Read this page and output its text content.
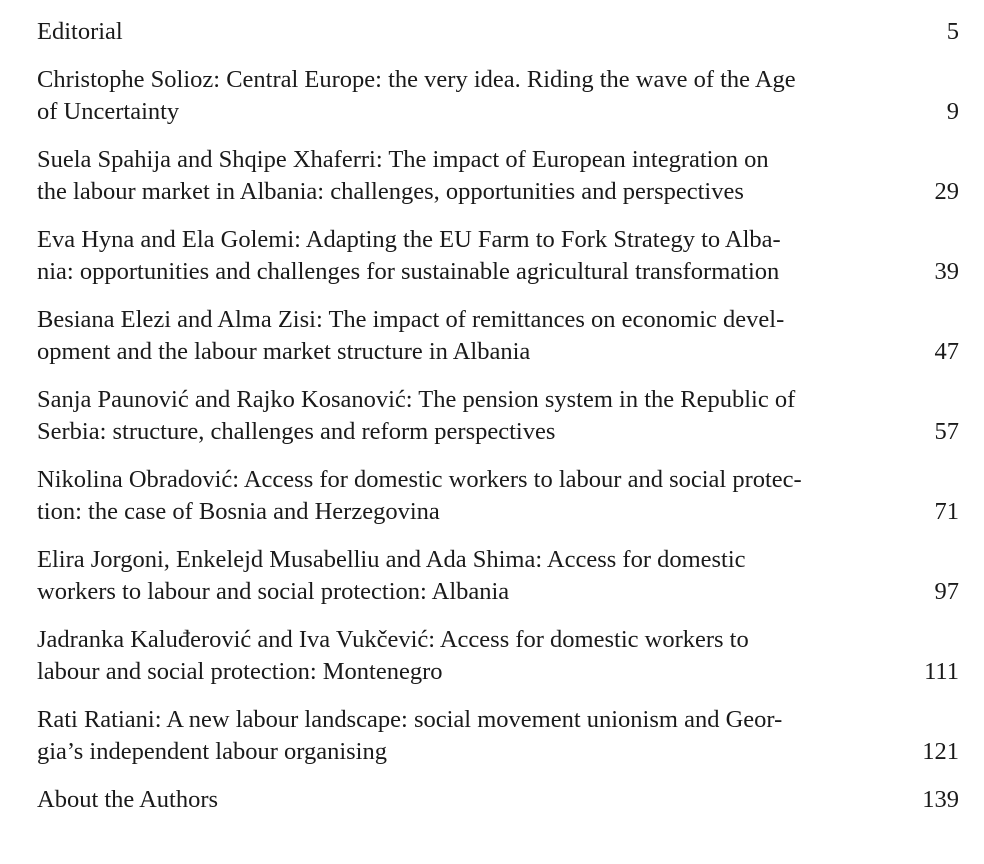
Editorial	5
Christophe Solioz: Central Europe: the very idea. Riding the wave of the Age
of Uncertainty	9
Suela Spahija and Shqipe Xhaferri: The impact of European integration on
the labour market in Albania: challenges, opportunities and perspectives	29
Eva Hyna and Ela Golemi: Adapting the EU Farm to Fork Strategy to Alba-
nia: opportunities and challenges for sustainable agricultural transformation	39
Besiana Elezi and Alma Zisi: The impact of remittances on economic devel-
opment and the labour market structure in Albania	47
Sanja Paunović and Rajko Kosanović: The pension system in the Republic of
Serbia: structure, challenges and reform perspectives	57
Nikolina Obradović: Access for domestic workers to labour and social protec-
tion: the case of Bosnia and Herzegovina	71
Elira Jorgoni, Enkelejd Musabelliu and Ada Shima: Access for domestic
workers to labour and social protection: Albania	97
Jadranka Kaluđerović and Iva Vukčević: Access for domestic workers to
labour and social protection: Montenegro	111
Rati Ratiani: A new labour landscape: social movement unionism and Geor-
gia’s independent labour organising	121
About the Authors	139
